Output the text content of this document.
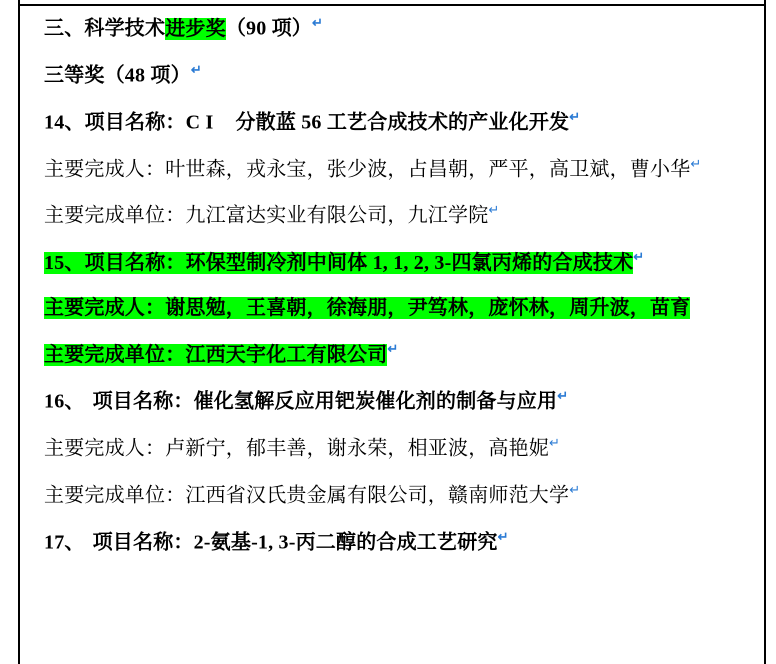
三、科学技术进步奖（90 项）↵

三等奖（48 项）↵

14、项目名称：C I 分散蓝 56 工艺合成技术的产业化开发↵

主要完成人：叶世森，戎永宝，张少波，占昌朝，严平，高卫斌，曹小华↵

主要完成单位：九江富达实业有限公司，九江学院↵

15、项目名称：环保型制冷剂中间体 1, 1, 2, 3-四氯丙烯的合成技术↵

主要完成人：谢思勉，王喜朝，徐海朋，尹笃林，庞怀林，周升波，苗育

主要完成单位：江西天宇化工有限公司↵

16、 项目名称：催化氢解反应用钯炭催化剂的制备与应用↵

主要完成人：卢新宁，郁丰善，谢永荣，相亚波，高艳妮↵

主要完成单位：江西省汉氏贵金属有限公司，赣南师范大学↵

17、 项目名称：2-氨基-1, 3-丙二醇的合成工艺研究↵
